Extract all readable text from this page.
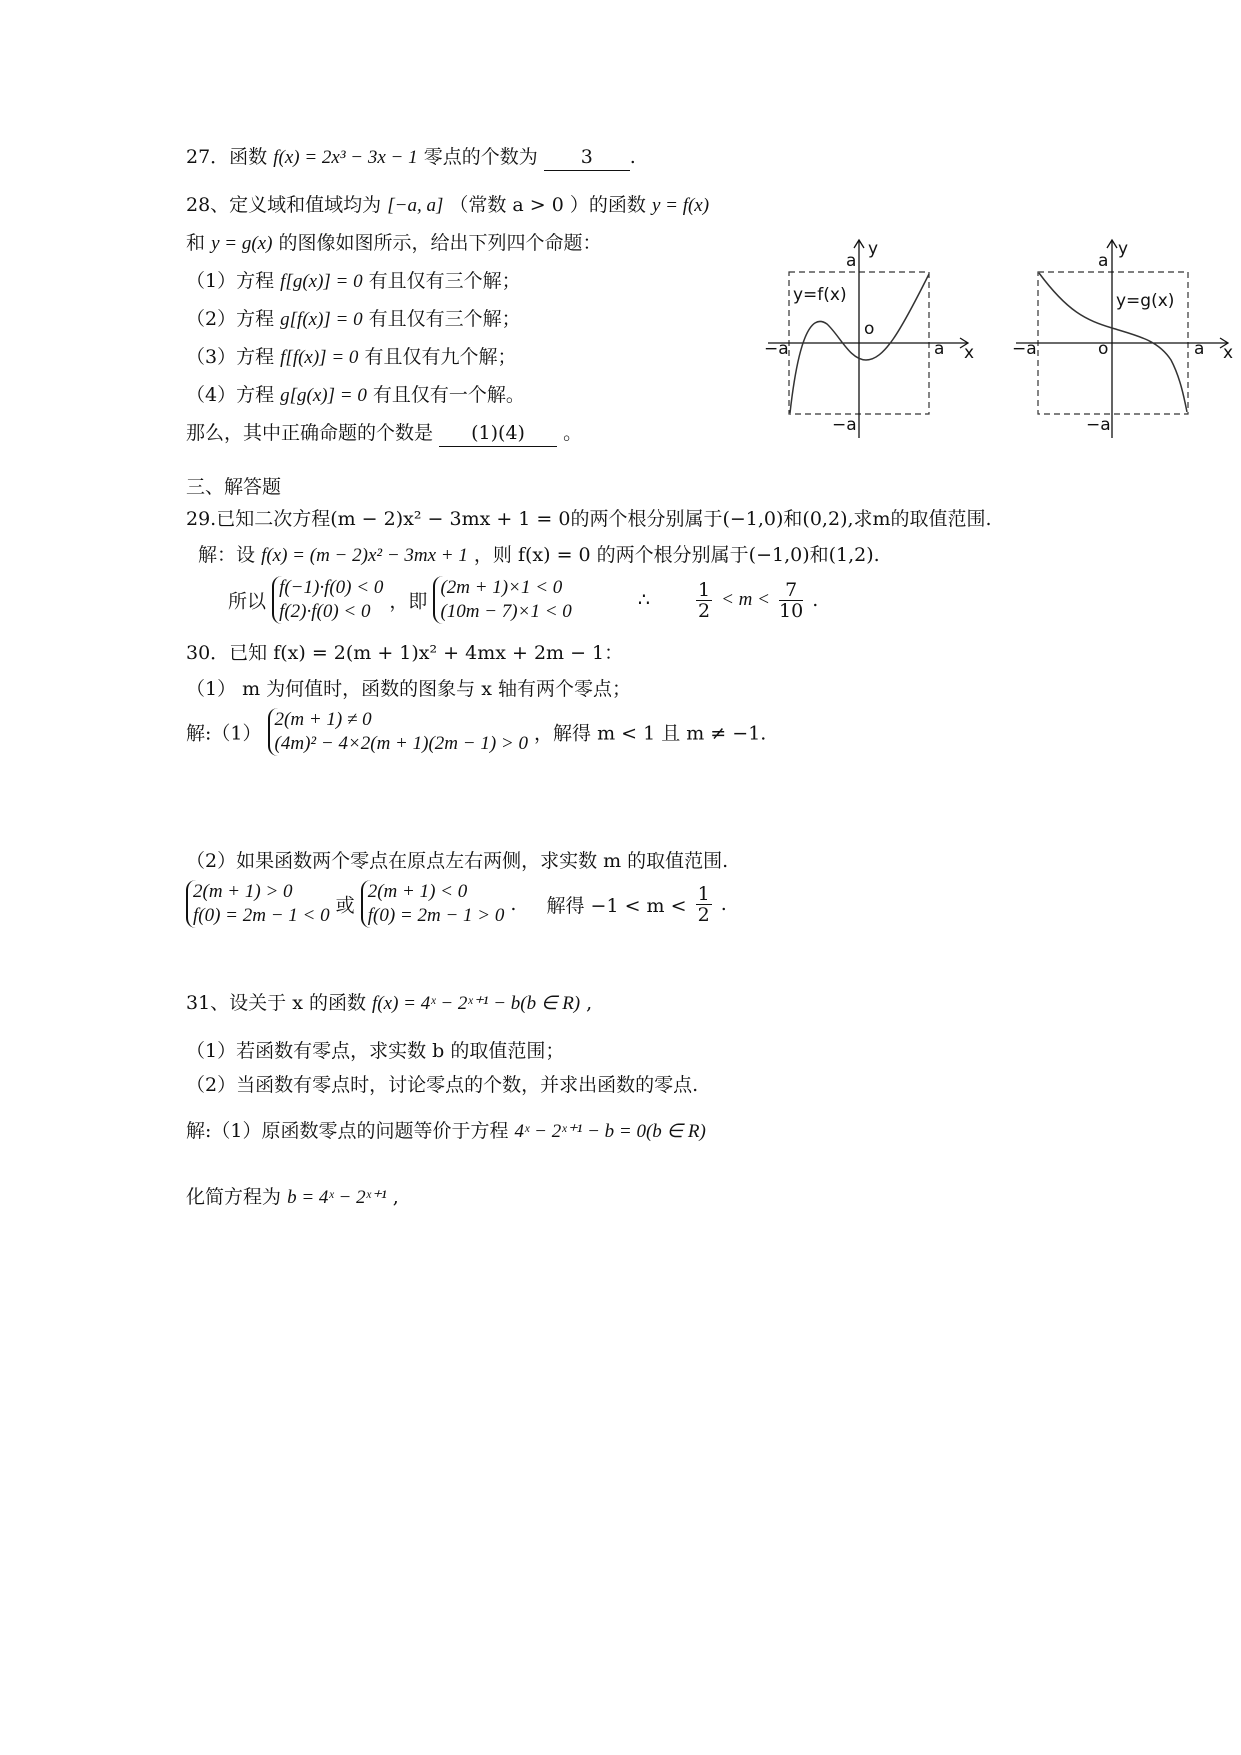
27．函数 f(x) = 2x³ − 3x − 1 零点的个数为 3 .
28、定义域和值域均为 [−a, a] （常数 a > 0 ）的函数 y = f(x)
和 y = g(x) 的图像如图所示，给出下列四个命题：
（1）方程 f[g(x)] = 0 有且仅有三个解；
（2）方程 g[f(x)] = 0 有且仅有三个解；
（3）方程 f[f(x)] = 0 有且仅有九个解；
（4）方程 g[g(x)] = 0 有且仅有一个解。
那么，其中正确命题的个数是 (1)(4) 。
a
y
y=f(x)
o
−a	a x
−a
a
y
y=g(x)
−a	o	a x
−a
三、解答题
29.已知二次方程(m − 2)x² − 3mx + 1 = 0的两个根分别属于(−1,0)和(0,2),求m的取值范围.
解：设 f(x) = (m − 2)x² − 3mx + 1 ，则 f(x) = 0 的两个根分别属于(−1,0)和(1,2).
所以
f(−1)·f(0) < 0
f(2)·f(0) < 0 ，即
(2m + 1)×1 < 0
(10m − 7)×1 < 0
∴ $\frac{1}{2} < m < \frac{7}{10}$ .
30．已知 f(x) = 2(m + 1)x² + 4mx + 2m − 1：
（1） m 为何值时，函数的图象与 x 轴有两个零点；
解:（1）
2(m + 1) ≠ 0
(4m)² − 4×2(m + 1)(2m − 1) > 0 ，解得 m < 1 且 m ≠ −1.
（2）如果函数两个零点在原点左右两侧，求实数 m 的取值范围.
2(m + 1) > 0
f(0) = 2m − 1 < 0 或
2(m + 1) < 0
f(0) = 2m − 1 > 0
. 解得 $-1 < m < \frac{1}{2}$ .
31、设关于 x 的函数 f(x) = 4ˣ − 2ˣ⁺¹ − b(b ∈ R) ,
（1）若函数有零点，求实数 b 的取值范围；
（2）当函数有零点时，讨论零点的个数，并求出函数的零点.
解:（1）原函数零点的问题等价于方程 4ˣ − 2ˣ⁺¹ − b = 0(b ∈ R)
化简方程为 b = 4ˣ − 2ˣ⁺¹ ,
